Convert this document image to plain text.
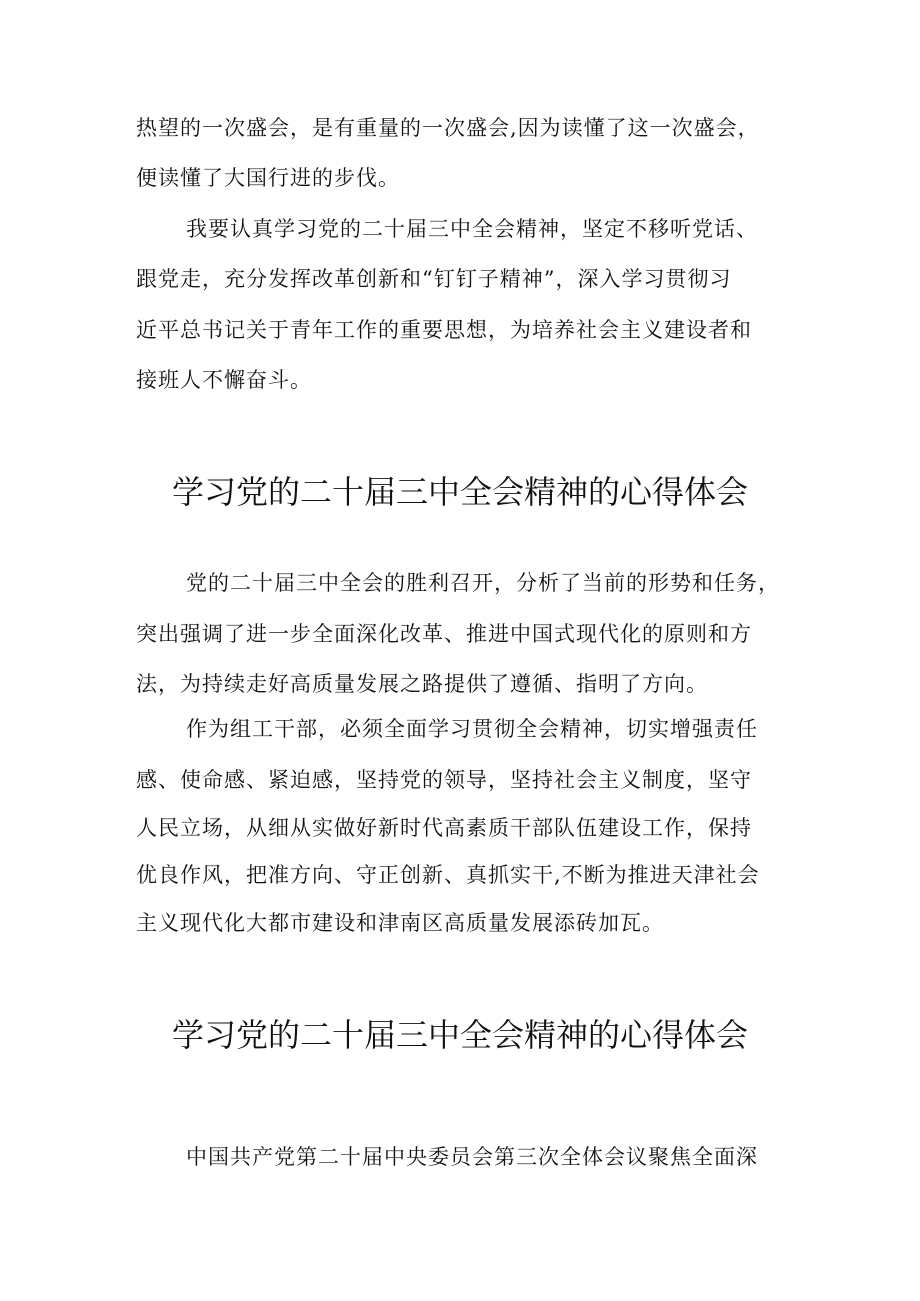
热望的一次盛会，是有重量的一次盛会,因为读懂了这一次盛会，
便读懂了大国行进的步伐。
我要认真学习党的二十届三中全会精神，坚定不移听党话、
跟党走，充分发挥改革创新和“钉钉子精神”，深入学习贯彻习
近平总书记关于青年工作的重要思想，为培养社会主义建设者和
接班人不懈奋斗。
学习党的二十届三中全会精神的心得体会
党的二十届三中全会的胜利召开，分析了当前的形势和任务，
突出强调了进一步全面深化改革、推进中国式现代化的原则和方
法，为持续走好高质量发展之路提供了遵循、指明了方向。
作为组工干部，必须全面学习贯彻全会精神，切实增强责任
感、使命感、紧迫感，坚持党的领导，坚持社会主义制度，坚守
人民立场，从细从实做好新时代高素质干部队伍建设工作，保持
优良作风，把准方向、守正创新、真抓实干,不断为推进天津社会
主义现代化大都市建设和津南区高质量发展添砖加瓦。
学习党的二十届三中全会精神的心得体会
中国共产党第二十届中央委员会第三次全体会议聚焦全面深
